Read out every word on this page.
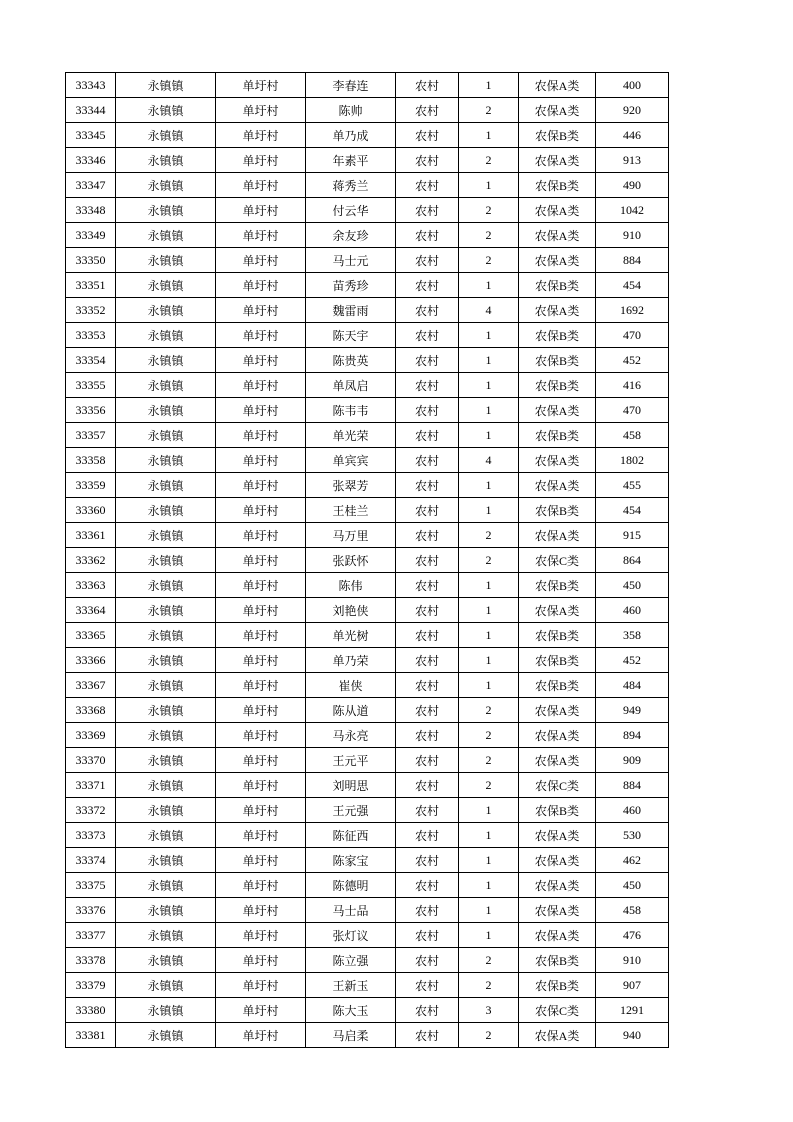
33343	永镇镇	单圩村	李春连	农村	1	农保A类	400
33344	永镇镇	单圩村	陈帅	农村	2	农保A类	920
33345	永镇镇	单圩村	单乃成	农村	1	农保B类	446
33346	永镇镇	单圩村	年素平	农村	2	农保A类	913
33347	永镇镇	单圩村	蒋秀兰	农村	1	农保B类	490
33348	永镇镇	单圩村	付云华	农村	2	农保A类	1042
33349	永镇镇	单圩村	余友珍	农村	2	农保A类	910
33350	永镇镇	单圩村	马士元	农村	2	农保A类	884
33351	永镇镇	单圩村	苗秀珍	农村	1	农保B类	454
33352	永镇镇	单圩村	魏雷雨	农村	4	农保A类	1692
33353	永镇镇	单圩村	陈天宇	农村	1	农保B类	470
33354	永镇镇	单圩村	陈贵英	农村	1	农保B类	452
33355	永镇镇	单圩村	单凤启	农村	1	农保B类	416
33356	永镇镇	单圩村	陈韦韦	农村	1	农保A类	470
33357	永镇镇	单圩村	单光荣	农村	1	农保B类	458
33358	永镇镇	单圩村	单宾宾	农村	4	农保A类	1802
33359	永镇镇	单圩村	张翠芳	农村	1	农保A类	455
33360	永镇镇	单圩村	王桂兰	农村	1	农保B类	454
33361	永镇镇	单圩村	马万里	农村	2	农保A类	915
33362	永镇镇	单圩村	张跃怀	农村	2	农保C类	864
33363	永镇镇	单圩村	陈伟	农村	1	农保B类	450
33364	永镇镇	单圩村	刘艳侠	农村	1	农保A类	460
33365	永镇镇	单圩村	单光树	农村	1	农保B类	358
33366	永镇镇	单圩村	单乃荣	农村	1	农保B类	452
33367	永镇镇	单圩村	崔侠	农村	1	农保B类	484
33368	永镇镇	单圩村	陈从道	农村	2	农保A类	949
33369	永镇镇	单圩村	马永亮	农村	2	农保A类	894
33370	永镇镇	单圩村	王元平	农村	2	农保A类	909
33371	永镇镇	单圩村	刘明思	农村	2	农保C类	884
33372	永镇镇	单圩村	王元强	农村	1	农保B类	460
33373	永镇镇	单圩村	陈征西	农村	1	农保A类	530
33374	永镇镇	单圩村	陈家宝	农村	1	农保A类	462
33375	永镇镇	单圩村	陈德明	农村	1	农保A类	450
33376	永镇镇	单圩村	马士品	农村	1	农保A类	458
33377	永镇镇	单圩村	张灯议	农村	1	农保A类	476
33378	永镇镇	单圩村	陈立强	农村	2	农保B类	910
33379	永镇镇	单圩村	王新玉	农村	2	农保B类	907
33380	永镇镇	单圩村	陈大玉	农村	3	农保C类	1291
33381	永镇镇	单圩村	马启柔	农村	2	农保A类	940
